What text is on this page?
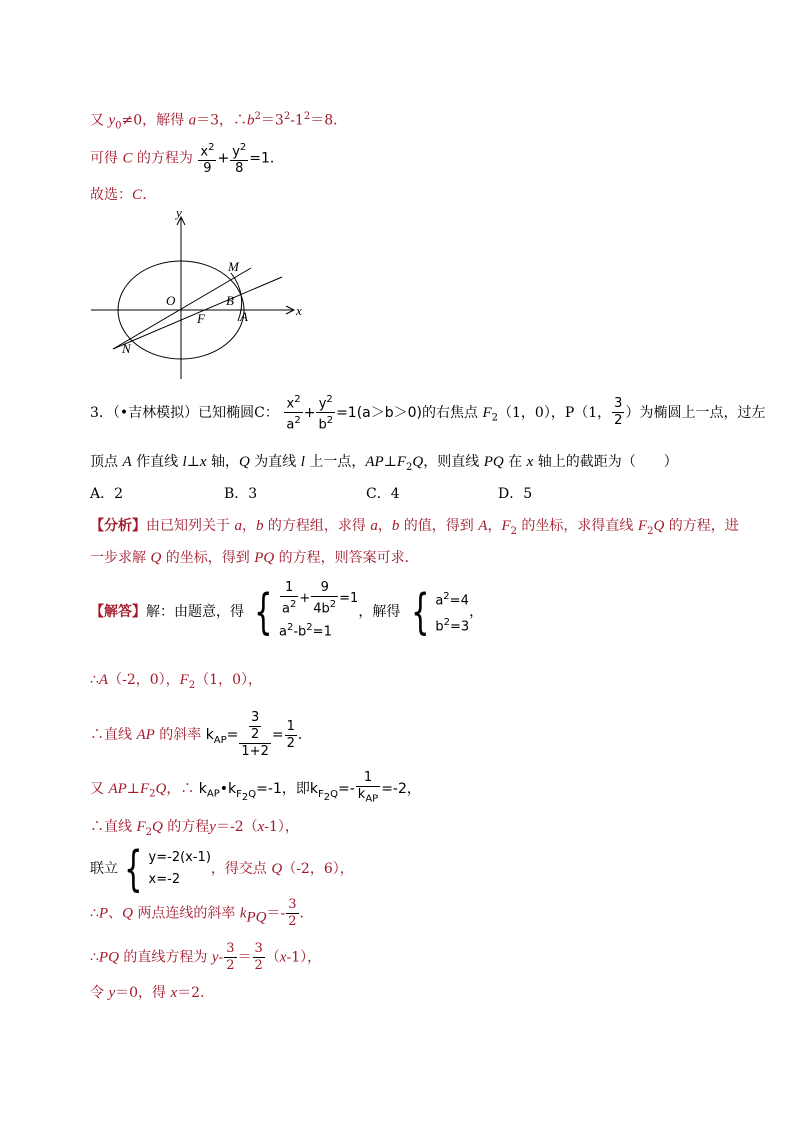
又 $y_0\ne 0$，解得 a＝3，$\therefore b^2=3^2-1^2=8$．
可得 C 的方程为 $\frac{x^2}{9} + \frac{y^2}{8} =1$．
故选：C．
y
x
O
M
B
F	A
N
3．（•吉林模拟）已知椭圆C： $\frac{x^2}{a^2} + \frac{y^2}{b^2} =1(a>b>0)$的右焦点 $F_2(1$，0），P（1， $\frac{3}{2}$ ）为椭圆上一点，过左
顶点 A 作直线 l⊥x 轴，Q 为直线 l 上一点，$AP\perp F_2Q$，则直线 PQ 在 x 轴上的截距为（　　）
A．2	B．3	C．4	D．5
【分析】由已知列关于 a，b 的方程组，求得 a，b 的值，得到 A，$F_2$ 的坐标，求得直线 $F_2Q$ 的方程，进
一步求解 Q 的坐标，得到 PQ 的方程，则答案可求．
【解答】解：由题意，得 { $\frac{1}{a^2} + \frac{9}{4b^2} =1$
$a^2-b^2=1$
，解得 { $a^2=4$
$b^2=3$
，
∴A（-2，0），$F_2(1$，0），
∴直线 AP 的斜率 $k_{AP}= \frac{\frac{3}{2}}{1+2} = \frac{1}{2}$ ．
又 $AP\perp F_2Q$，∴ $k_{AP}•k_{F_2Q}=-1$，即$k_{F_2Q}=-$
1
$k_{AP}$
=-2，
∴直线 $F_2Q$ 的方程y＝-2（x-1），
联立 { y=-2(x-1)
x=-2
，得交点 Q（-2，6），
∴P、Q 两点连线的斜率 $k_{PQ}=- \frac{3}{2}$ ．
∴PQ 的直线方程为 $y- \frac{3}{2} = \frac{3}{2} (x-1)$，
令 y＝0，得 x＝2．
